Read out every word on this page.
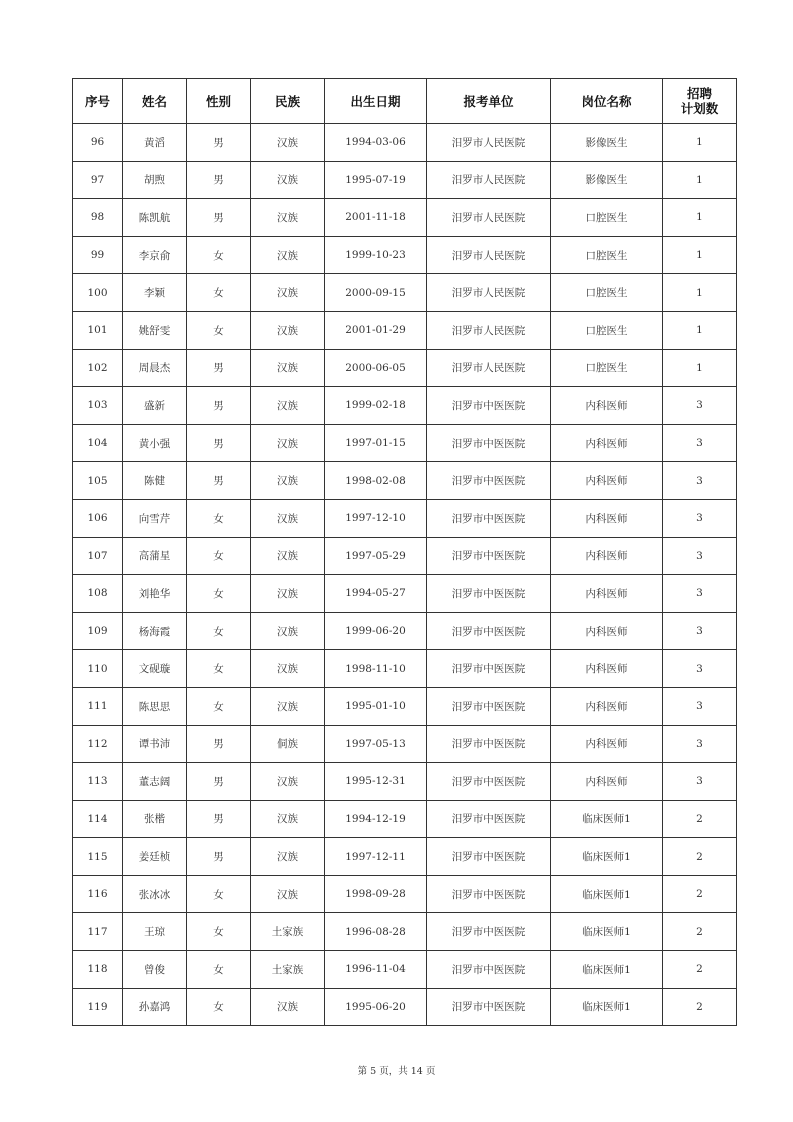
序号	姓名	性别	民族	出生日期	报考单位	岗位名称	招聘
计划数

96	黄滔	男	汉族	1994-03-06	汨罗市人民医院	影像医生	1
97	胡煦	男	汉族	1995-07-19	汨罗市人民医院	影像医生	1
98	陈凯航	男	汉族	2001-11-18	汨罗市人民医院	口腔医生	1
99	李京俞	女	汉族	1999-10-23	汨罗市人民医院	口腔医生	1
100	李颖	女	汉族	2000-09-15	汨罗市人民医院	口腔医生	1
101	姚舒雯	女	汉族	2001-01-29	汨罗市人民医院	口腔医生	1
102	周晨杰	男	汉族	2000-06-05	汨罗市人民医院	口腔医生	1
103	盛新	男	汉族	1999-02-18	汨罗市中医医院	内科医师	3
104	黄小强	男	汉族	1997-01-15	汨罗市中医医院	内科医师	3
105	陈健	男	汉族	1998-02-08	汨罗市中医医院	内科医师	3
106	向雪芹	女	汉族	1997-12-10	汨罗市中医医院	内科医师	3
107	高蒲星	女	汉族	1997-05-29	汨罗市中医医院	内科医师	3
108	刘艳华	女	汉族	1994-05-27	汨罗市中医医院	内科医师	3
109	杨海霞	女	汉族	1999-06-20	汨罗市中医医院	内科医师	3
110	文砚璇	女	汉族	1998-11-10	汨罗市中医医院	内科医师	3
111	陈思思	女	汉族	1995-01-10	汨罗市中医医院	内科医师	3
112	谭书沛	男	侗族	1997-05-13	汨罗市中医医院	内科医师	3
113	董志阔	男	汉族	1995-12-31	汨罗市中医医院	内科医师	3
114	张楷	男	汉族	1994-12-19	汨罗市中医医院	临床医师1	2
115	姜廷桢	男	汉族	1997-12-11	汨罗市中医医院	临床医师1	2
116	张冰冰	女	汉族	1998-09-28	汨罗市中医医院	临床医师1	2
117	王琼	女	土家族	1996-08-28	汨罗市中医医院	临床医师1	2
118	曾俊	女	土家族	1996-11-04	汨罗市中医医院	临床医师1	2
119	孙嘉鸿	女	汉族	1995-06-20	汨罗市中医医院	临床医师1	2
第 5 页，共 14 页
